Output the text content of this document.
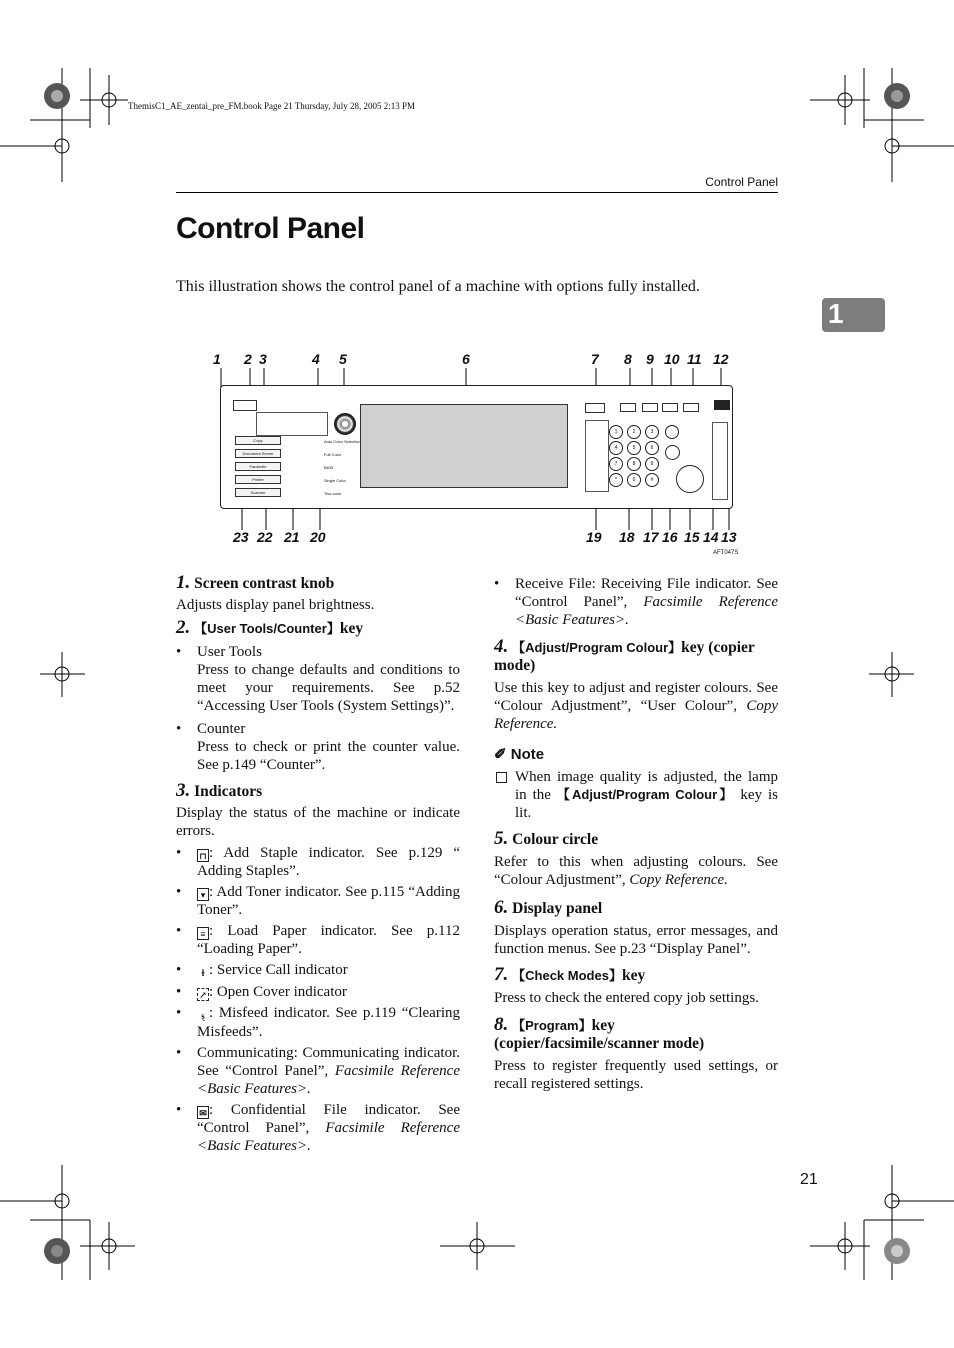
ThemisC1_AE_zentai_pre_FM.book Page 21 Thursday, July 28, 2005 2:13 PM
Control Panel
1
Control Panel
This illustration shows the control panel of a machine with options fully installed.
1 2 3	4 5	6	7 8 9 10 11 12
Copy
Document Server
Facsimile
Printer
Scanner
Auto Color Selection
Full Color
B&W
Single Color
Two-color
1	2	3
4	5	6
7	8	9
*	0	#
23 22 21 20	19 18 17 16 15 14 13
AFT047S
1. Screen contrast knob
Adjusts display panel brightness.
2. 【User Tools/Counter】key
• User Tools

Press to change defaults and conditions to meet your requirements. See p.52 “Accessing User Tools (System Settings)”.
• Counter

Press to check or print the counter value. See p.149 “Counter”.
3. Indicators
Display the status of the machine or indicate errors.
• ⊓ : Add Staple indicator. See p.129 “ Adding Staples”.
• ▾ : Add Toner indicator. See p.115 “Adding Toner”.
• ≡ : Load Paper indicator. See p.112 “Loading Paper”.
• ɫ : Service Call indicator
• ↗ : Open Cover indicator
• ȿ : Misfeed indicator. See p.119 “Clearing Misfeeds”.
• Communicating: Communicating indicator. See “Control Panel”, Facsimile Reference <Basic Features>.
• ✉ : Confidential File indicator. See “Control Panel”, Facsimile Reference <Basic Features>.
• Receive File: Receiving File indicator. See “Control Panel”, Facsimile Reference <Basic Features>.
4. 【Adjust/Program Colour】key (copier mode)
Use this key to adjust and register colours. See “Colour Adjustment”, “User Colour”, Copy Reference.
✐ Note
When image quality is adjusted, the lamp in the 【Adjust/Program Colour】 key is lit.
5. Colour circle
Refer to this when adjusting colours. See “Colour Adjustment”, Copy Reference.
6. Display panel
Displays operation status, error messages, and function menus. See p.23 “Display Panel”.
7. 【Check Modes】key
Press to check the entered copy job settings.
8. 【Program】key (copier/facsimile/scanner mode)
Press to register frequently used settings, or recall registered settings.
21
